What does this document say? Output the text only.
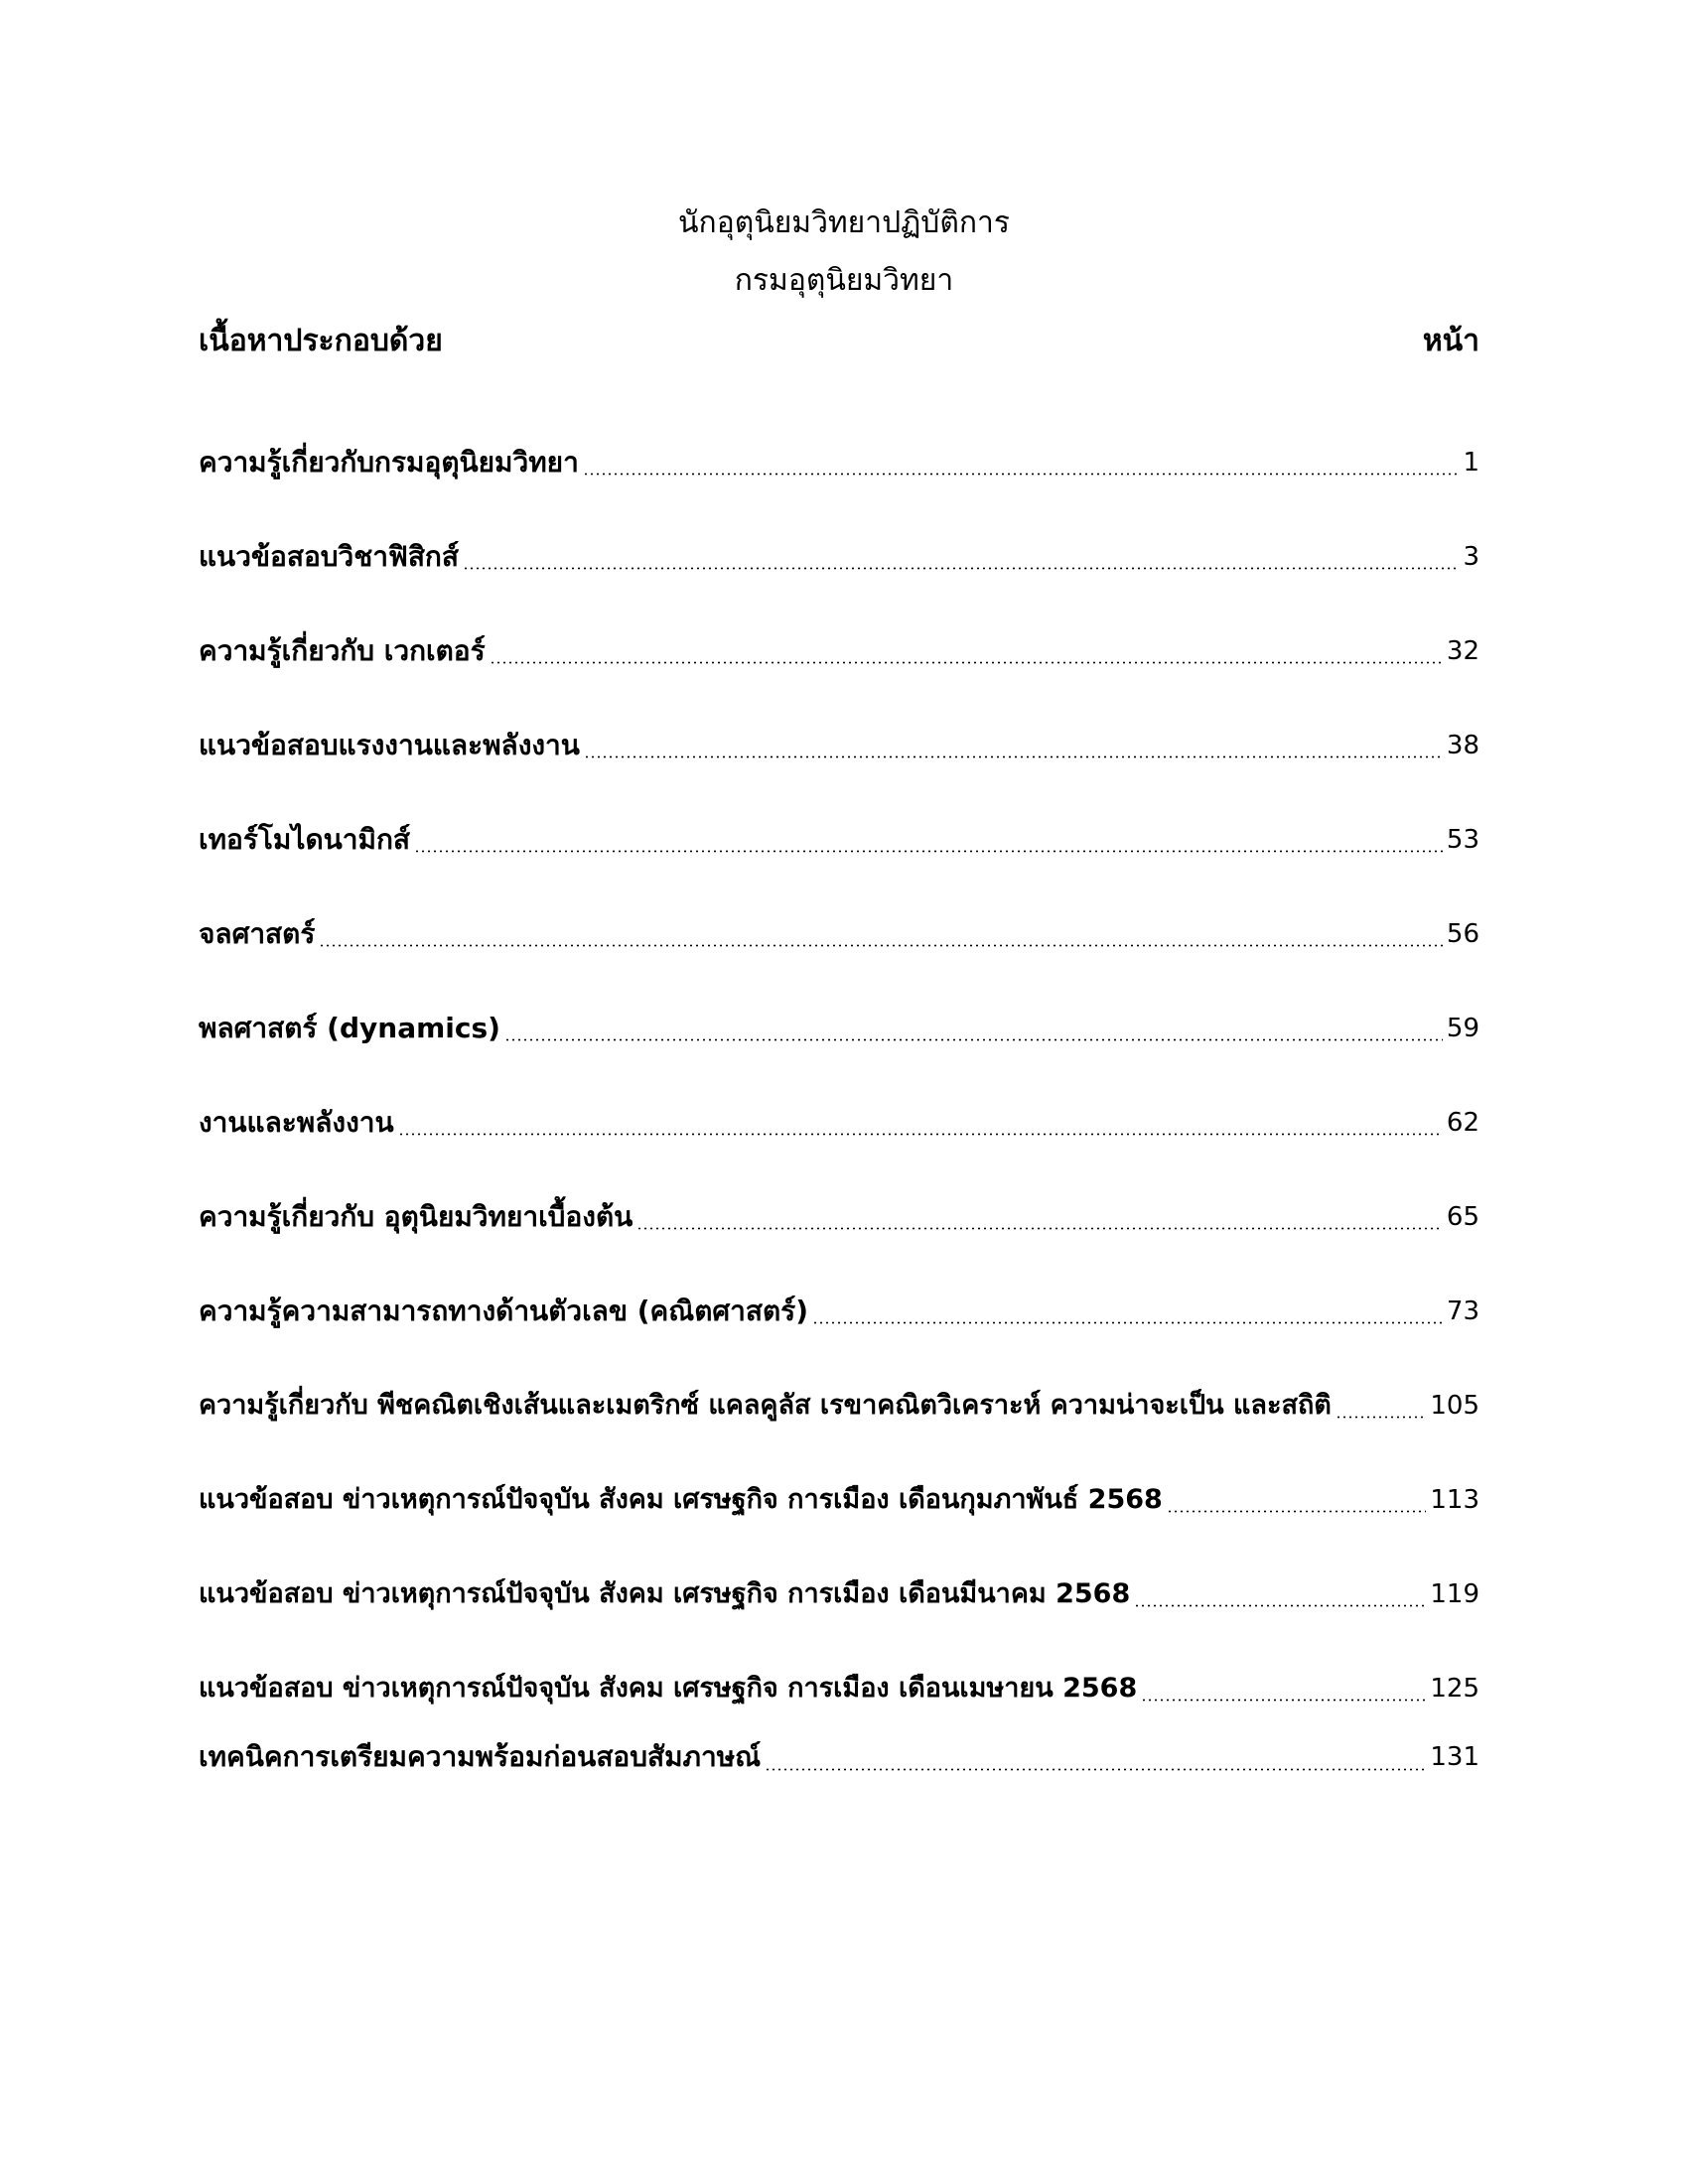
นักอุตุนิยมวิทยาปฏิบัติการ
กรมอุตุนิยมวิทยา
เนื้อหาประกอบด้วย	หน้า
ความรู้เกี่ยวกับกรมอุตุนิยมวิทยา	1
แนวข้อสอบวิชาฟิสิกส์	3
ความรู้เกี่ยวกับ เวกเตอร์	32
แนวข้อสอบแรงงานและพลังงาน	38
เทอร์โมไดนามิกส์	53
จลศาสตร์	56
พลศาสตร์ (dynamics)	59
งานและพลังงาน	62
ความรู้เกี่ยวกับ อุตุนิยมวิทยาเบื้องต้น	65
ความรู้ความสามารถทางด้านตัวเลข (คณิตศาสตร์)	73
ความรู้เกี่ยวกับ พีชคณิตเชิงเส้นและเมตริกซ์ แคลคูลัส เรขาคณิตวิเคราะห์ ความน่าจะเป็น และสถิติ	105
แนวข้อสอบ ข่าวเหตุการณ์ปัจจุบัน สังคม เศรษฐกิจ การเมือง เดือนกุมภาพันธ์ 2568	113
แนวข้อสอบ ข่าวเหตุการณ์ปัจจุบัน สังคม เศรษฐกิจ การเมือง เดือนมีนาคม 2568	119
แนวข้อสอบ ข่าวเหตุการณ์ปัจจุบัน สังคม เศรษฐกิจ การเมือง เดือนเมษายน 2568	125
เทคนิคการเตรียมความพร้อมก่อนสอบสัมภาษณ์	131
